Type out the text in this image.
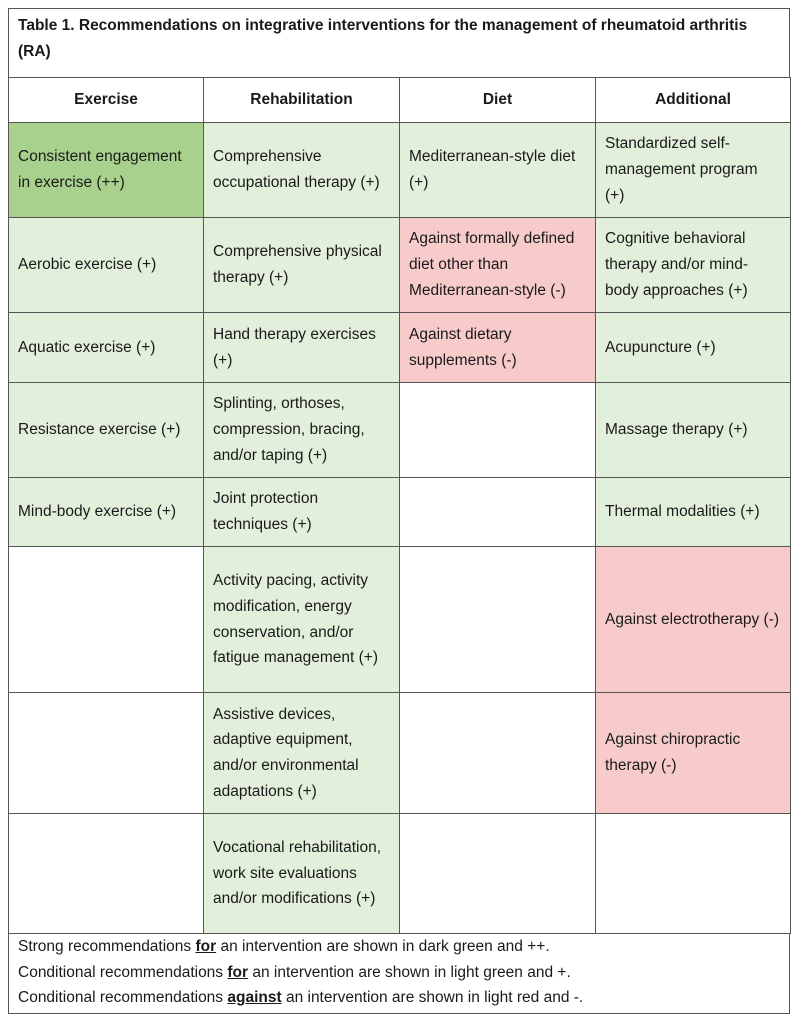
Table 1. Recommendations on integrative interventions for the management of rheumatoid arthritis (RA)
Exercise	Rehabilitation	Diet	Additional
Consistent engagement in exercise (++)	Comprehensive occupational therapy (+)	Mediterranean-style diet (+)	Standardized self-management program (+)
Aerobic exercise (+)	Comprehensive physical therapy (+)	Against formally defined diet other than Mediterranean-style (-)	Cognitive behavioral therapy and/or mind-body approaches (+)
Aquatic exercise (+)	Hand therapy exercises (+)	Against dietary supplements (-)	Acupuncture (+)
Resistance exercise (+)	Splinting, orthoses, compression, bracing, and/or taping (+)		Massage therapy (+)
Mind-body exercise (+)	Joint protection techniques (+)		Thermal modalities (+)
	Activity pacing, activity modification, energy conservation, and/or fatigue management (+)		Against electrotherapy (-)
	Assistive devices, adaptive equipment, and/or environmental adaptations (+)		Against chiropractic therapy (-)
	Vocational rehabilitation, work site evaluations and/or modifications (+)		
Strong recommendations for an intervention are shown in dark green and ++.
Conditional recommendations for an intervention are shown in light green and +.
Conditional recommendations against an intervention are shown in light red and -.
